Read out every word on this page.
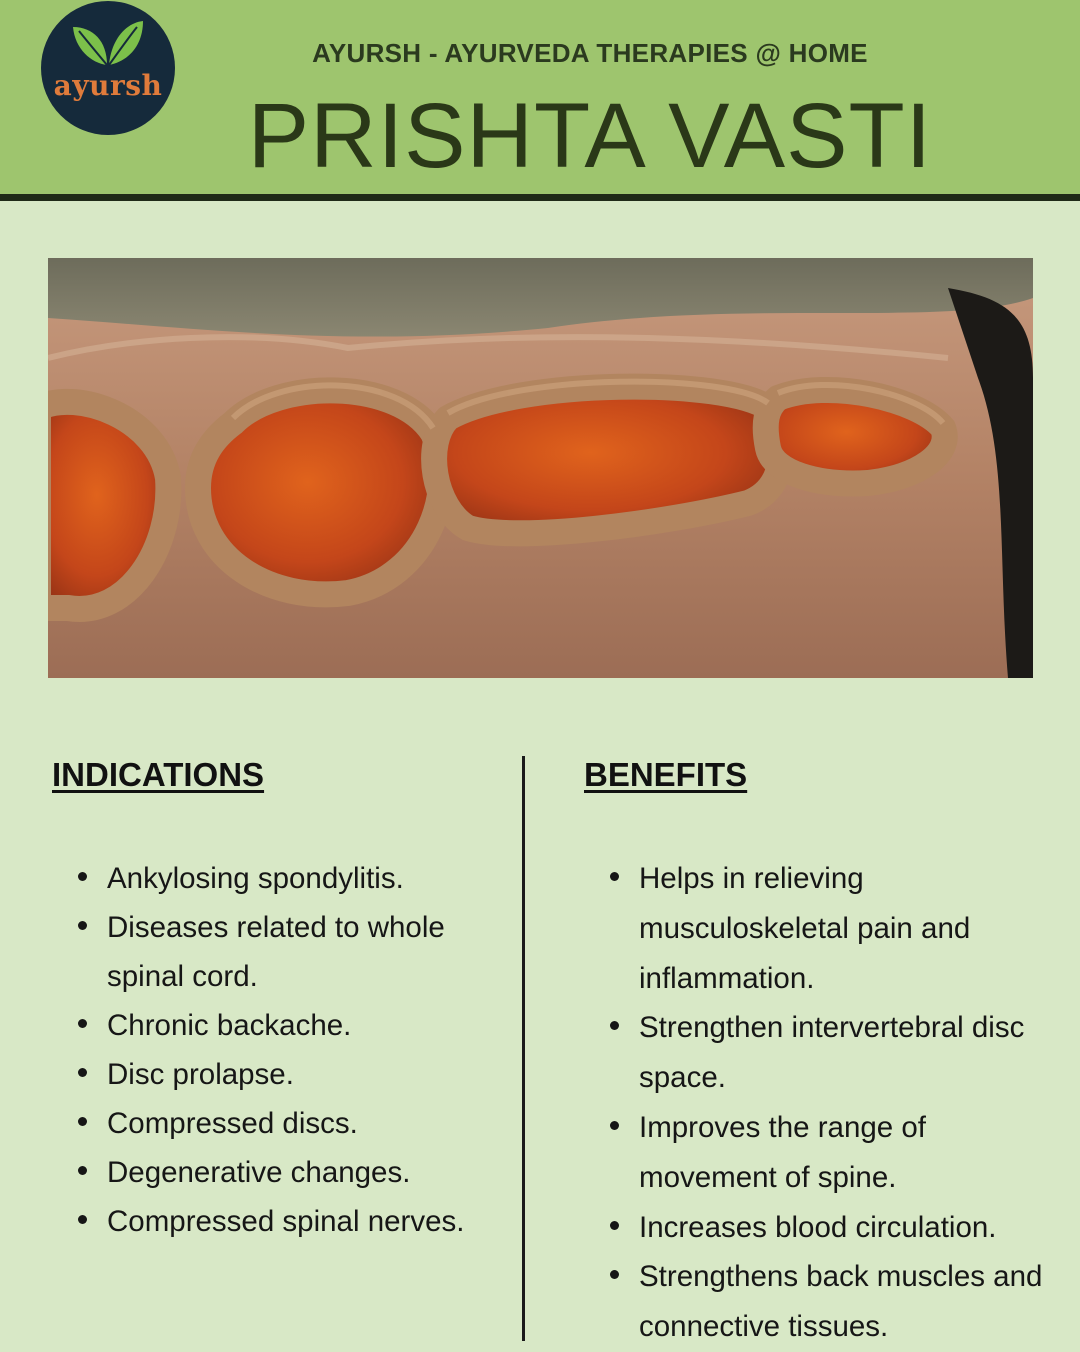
ayursh
AYURSH - AYURVEDA THERAPIES @ HOME
PRISHTA VASTI
INDICATIONS	BENEFITS
Ankylosing spondylitis.
Diseases related to whole spinal cord.
Chronic backache.
Disc prolapse.
Compressed discs.
Degenerative changes.
Compressed spinal nerves.
Helps in relieving musculoskeletal pain and inflammation.
Strengthen intervertebral disc space.
Improves the range of movement of spine.
Increases blood circulation.
Strengthens back muscles and connective tissues.
